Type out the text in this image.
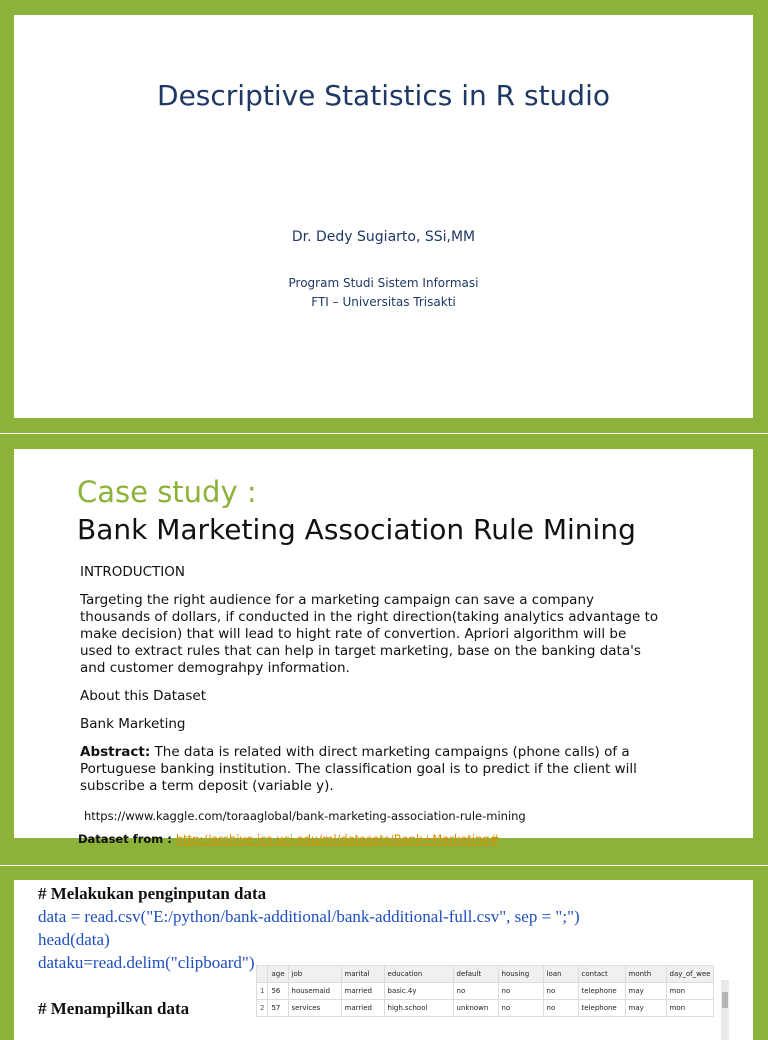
Descriptive Statistics in R studio
Dr. Dedy Sugiarto, SSi,MM
Program Studi Sistem Informasi
FTI – Universitas Trisakti
Case study :
Bank Marketing Association Rule Mining
INTRODUCTION
Targeting the right audience for a marketing campaign can save a company
thousands of dollars, if conducted in the right direction(taking analytics advantage to
make decision) that will lead to hight rate of convertion. Apriori algorithm will be
used to extract rules that can help in target marketing, base on the banking data's
and customer demograhpy information.
About this Dataset
Bank Marketing
Abstract: The data is related with direct marketing campaigns (phone calls) of a
Portuguese banking institution. The classification goal is to predict if the client will
subscribe a term deposit (variable y).
https://www.kaggle.com/toraaglobal/bank-marketing-association-rule-mining
Dataset from : http://archive.ics.uci.edu/ml/datasets/Bank+Marketing#
# Melakukan penginputan data
data = read.csv("E:/python/bank-additional/bank-additional-full.csv", sep = ";")
head(data)
dataku=read.delim("clipboard")
# Menampilkan data
	age	job	marital	education	default	housing	loan	contact	month	day_of_wee
1	56	housemaid	married	basic.4y	no	no	no	telephone	may	mon
2	57	services	married	high.school	unknown	no	no	telephone	may	mon
